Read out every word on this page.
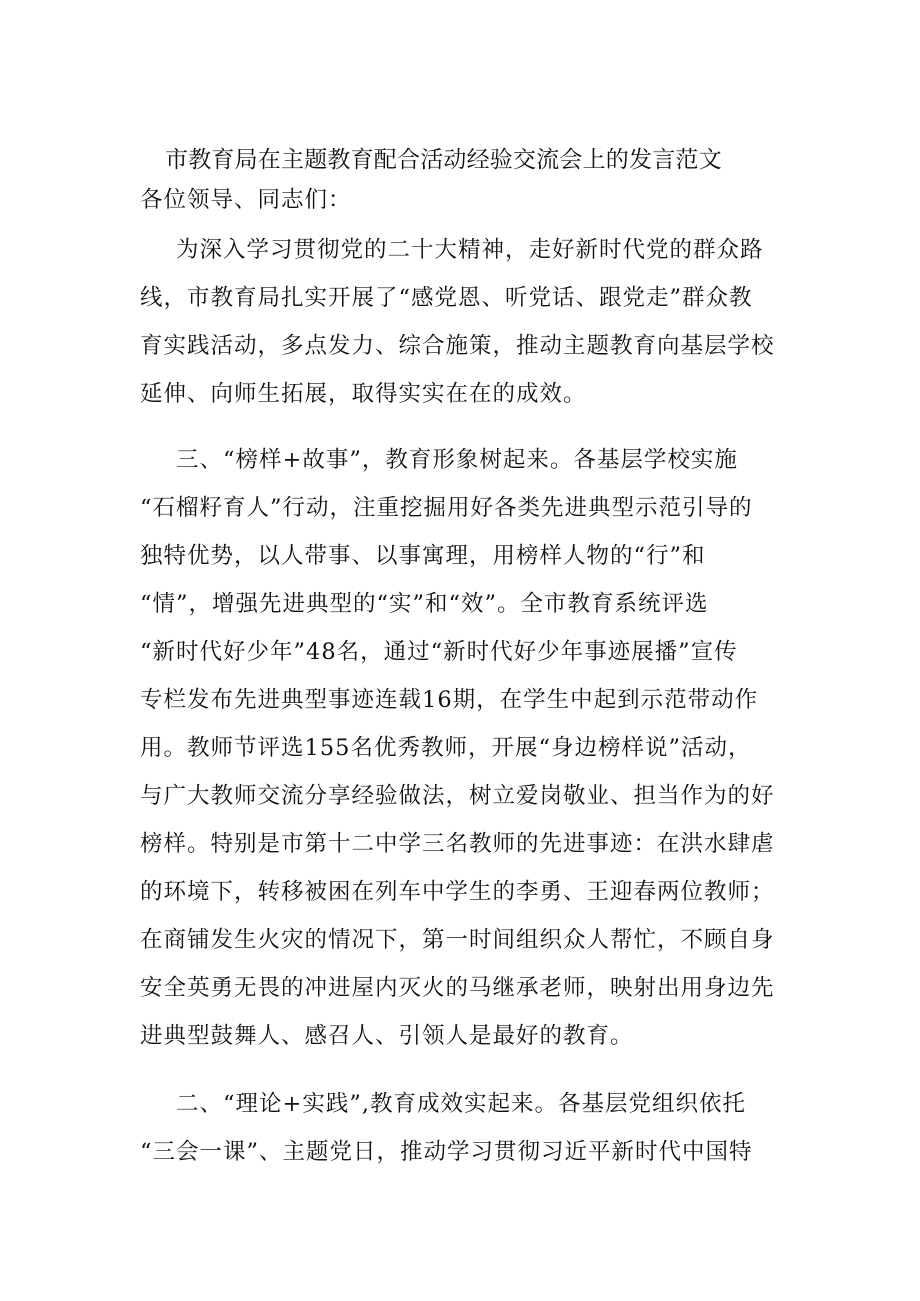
市教育局在主题教育配合活动经验交流会上的发言范文
各位领导、同志们：
为深入学习贯彻党的二十大精神，走好新时代党的群众路
线，市教育局扎实开展了“感党恩、听党话、跟党走”群众教
育实践活动，多点发力、综合施策，推动主题教育向基层学校
延伸、向师生拓展，取得实实在在的成效。
三、“榜样+故事”，教育形象树起来。各基层学校实施
“石榴籽育人”行动，注重挖掘用好各类先进典型示范引导的
独特优势，以人带事、以事寓理，用榜样人物的“行”和
“情”，增强先进典型的“实”和“效”。全市教育系统评选
“新时代好少年”48名，通过“新时代好少年事迹展播”宣传
专栏发布先进典型事迹连载16期，在学生中起到示范带动作
用。教师节评选155名优秀教师，开展“身边榜样说”活动，
与广大教师交流分享经验做法，树立爱岗敬业、担当作为的好
榜样。特别是市第十二中学三名教师的先进事迹：在洪水肆虐
的环境下，转移被困在列车中学生的李勇、王迎春两位教师；
在商铺发生火灾的情况下，第一时间组织众人帮忙，不顾自身
安全英勇无畏的冲进屋内灭火的马继承老师，映射出用身边先
进典型鼓舞人、感召人、引领人是最好的教育。
二、“理论+实践”,教育成效实起来。各基层党组织依托
“三会一课”、主题党日，推动学习贯彻习近平新时代中国特
